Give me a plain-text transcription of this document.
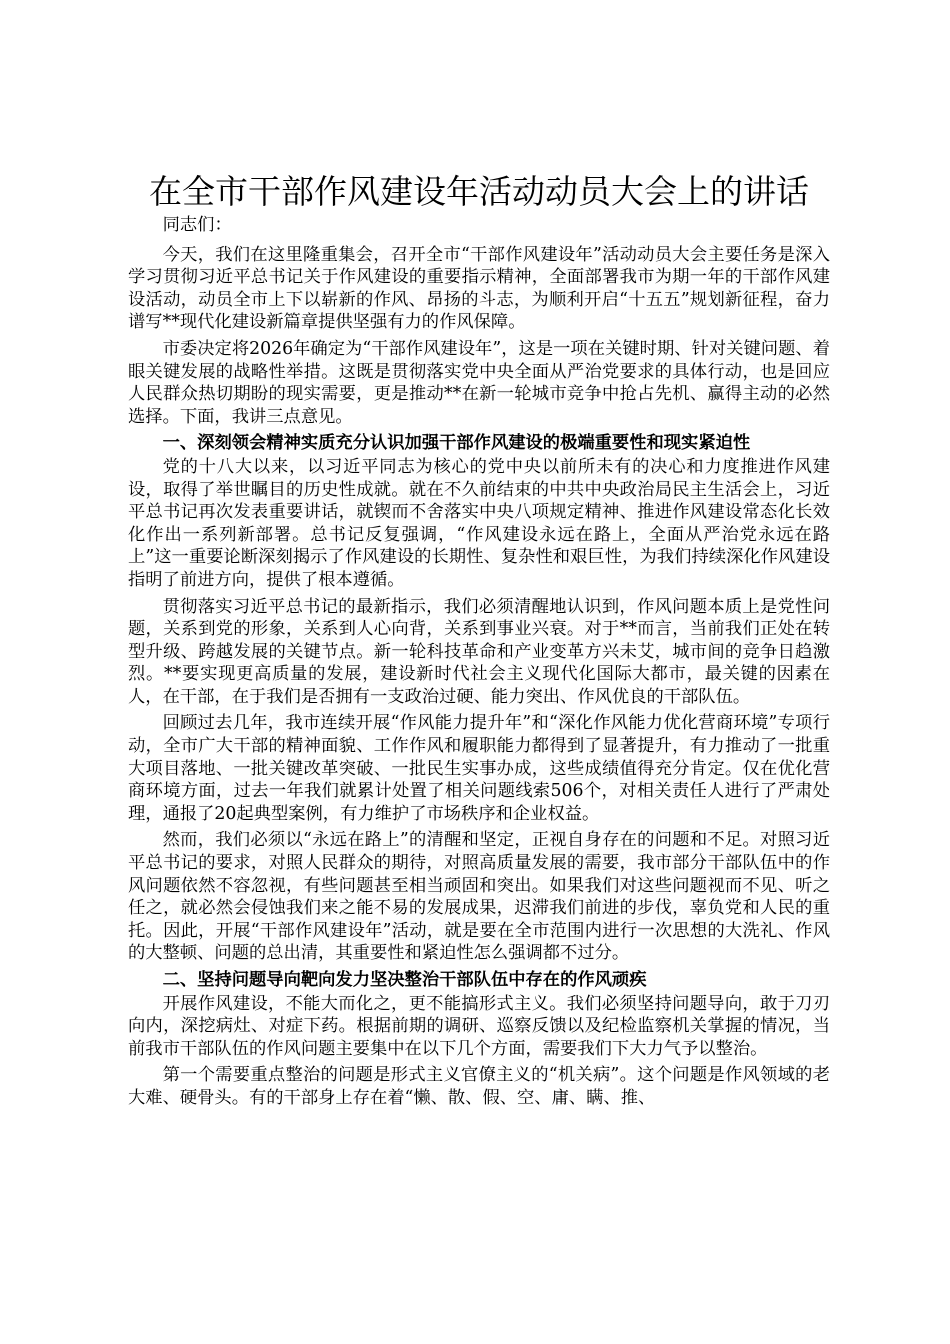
在全市干部作风建设年活动动员大会上的讲话

同志们：

今天，我们在这里隆重集会，召开全市“干部作风建设年”活动动员大会主要任务是深入学习贯彻习近平总书记关于作风建设的重要指示精神，全面部署我市为期一年的干部作风建设活动，动员全市上下以崭新的作风、昂扬的斗志，为顺利开启“十五五”规划新征程，奋力谱写**现代化建设新篇章提供坚强有力的作风保障。

市委决定将2026年确定为“干部作风建设年”，这是一项在关键时期、针对关键问题、着眼关键发展的战略性举措。这既是贯彻落实党中央全面从严治党要求的具体行动，也是回应人民群众热切期盼的现实需要，更是推动**在新一轮城市竞争中抢占先机、赢得主动的必然选择。下面，我讲三点意见。

一、深刻领会精神实质充分认识加强干部作风建设的极端重要性和现实紧迫性

党的十八大以来，以习近平同志为核心的党中央以前所未有的决心和力度推进作风建设，取得了举世瞩目的历史性成就。就在不久前结束的中共中央政治局民主生活会上，习近平总书记再次发表重要讲话，就锲而不舍落实中央八项规定精神、推进作风建设常态化长效化作出一系列新部署。总书记反复强调，“作风建设永远在路上，全面从严治党永远在路上”这一重要论断深刻揭示了作风建设的长期性、复杂性和艰巨性，为我们持续深化作风建设指明了前进方向，提供了根本遵循。

贯彻落实习近平总书记的最新指示，我们必须清醒地认识到，作风问题本质上是党性问题，关系到党的形象，关系到人心向背，关系到事业兴衰。对于**而言，当前我们正处在转型升级、跨越发展的关键节点。新一轮科技革命和产业变革方兴未艾，城市间的竞争日趋激烈。**要实现更高质量的发展，建设新时代社会主义现代化国际大都市，最关键的因素在人，在干部，在于我们是否拥有一支政治过硬、能力突出、作风优良的干部队伍。

回顾过去几年，我市连续开展“作风能力提升年”和“深化作风能力优化营商环境”专项行动，全市广大干部的精神面貌、工作作风和履职能力都得到了显著提升，有力推动了一批重大项目落地、一批关键改革突破、一批民生实事办成，这些成绩值得充分肯定。仅在优化营商环境方面，过去一年我们就累计处置了相关问题线索506个，对相关责任人进行了严肃处理，通报了20起典型案例，有力维护了市场秩序和企业权益。

然而，我们必须以“永远在路上”的清醒和坚定，正视自身存在的问题和不足。对照习近平总书记的要求，对照人民群众的期待，对照高质量发展的需要，我市部分干部队伍中的作风问题依然不容忽视，有些问题甚至相当顽固和突出。如果我们对这些问题视而不见、听之任之，就必然会侵蚀我们来之能不易的发展成果，迟滞我们前进的步伐，辜负党和人民的重托。因此，开展“干部作风建设年”活动，就是要在全市范围内进行一次思想的大洗礼、作风的大整顿、问题的总出清，其重要性和紧迫性怎么强调都不过分。

二、坚持问题导向靶向发力坚决整治干部队伍中存在的作风顽疾

开展作风建设，不能大而化之，更不能搞形式主义。我们必须坚持问题导向，敢于刀刃向内，深挖病灶、对症下药。根据前期的调研、巡察反馈以及纪检监察机关掌握的情况，当前我市干部队伍的作风问题主要集中在以下几个方面，需要我们下大力气予以整治。

第一个需要重点整治的问题是形式主义官僚主义的“机关病”。这个问题是作风领域的老大难、硬骨头。有的干部身上存在着“懒、散、假、空、庸、瞒、推、
